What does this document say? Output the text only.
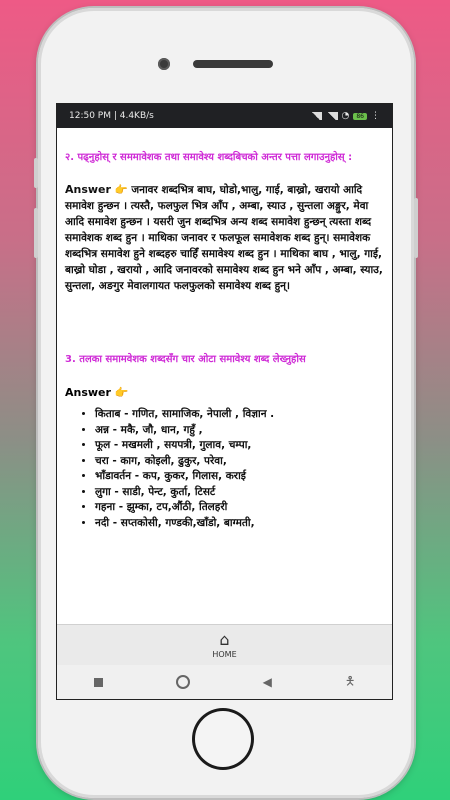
12:50 PM | 4.4KB/s	◔	86 ⋮
२. पढ्नुहोस् र सममावेशक तथा समावेश्य शब्दबिचको अन्तर पत्ता लगाउनुहोस् :
Answer 👉 जनावर शब्दभित्र बाघ, घोडो,भालु, गाई, बाख्रो, खरायो आदि समावेश हुन्छन । त्यस्तै, फलफुल भित्र आँप , अम्बा, स्याउ , सुन्तला अङ्गुर, मेवा आदि समावेश हुन्छन । यसरी जुन शब्दभित्र अन्य शब्द समावेश हुन्छन् त्यस्ता शब्द समावेशक शब्द हुन । माथिका जनावर र फलफूल समावेशक शब्द हुन्। समावेशक शब्दभित्र समावेश हुने शब्दहरु चाहिँ समावेश्य शब्द हुन । माथिका बाघ , भालु, गाई, बाख्रो घोडा , खरायो , आदि जनावरको समावेश्य शब्द हुन भने आँप , अम्बा, स्याउ, सुन्तला, अङगुर मेवालगायत फलफुलको समावेश्य शब्द हुन्।
3. तलका समामवेशक शब्दसँग चार ओटा समावेश्य शब्द लेख्नुहोस
Answer 👉
• किताब - गणित, सामाजिक, नेपाली , विज्ञान .
• अन्न - मकै, जौ, धान, गहुँ ,
• फूल - मखमली , सयपत्री, गुलाव, चम्पा,
• चरा - काग, कोइली, ढुकुर, परेवा,
• भाँडावर्तन - कप, कुकर, गिलास, कराई
• लुगा - साडी, पेन्ट, कुर्ता, टिसर्ट
• गहना - झुम्का, टप,औंठी, तिलहरी
• नदी - सप्तकोसी, गण्डकी,खाँडो, बाग्मती,
⌂
HOME
◀	🯅
